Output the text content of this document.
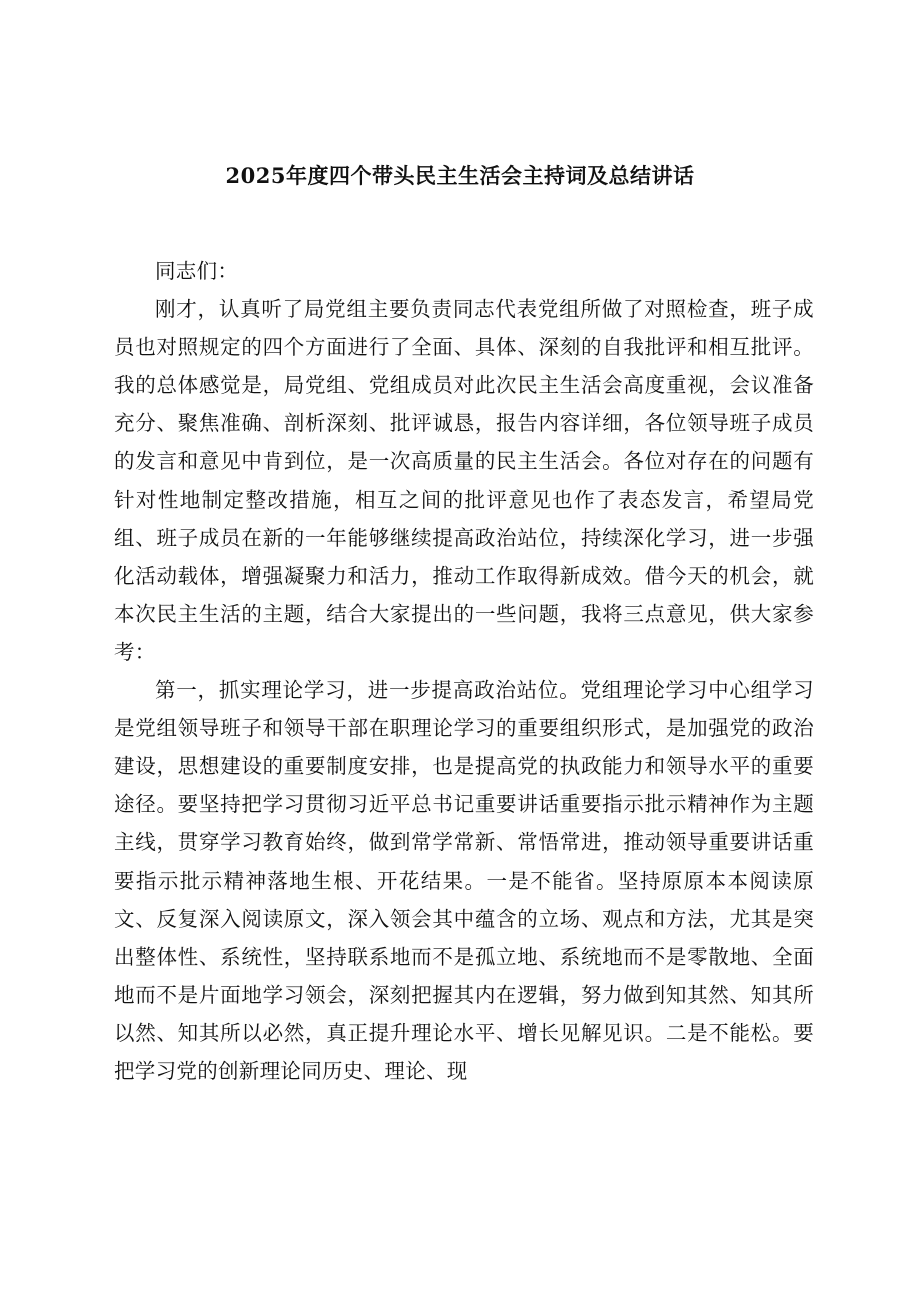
2025年度四个带头民主生活会主持词及总结讲话

同志们：

刚才，认真听了局党组主要负责同志代表党组所做了对照检查，班子成员也对照规定的四个方面进行了全面、具体、深刻的自我批评和相互批评。我的总体感觉是，局党组、党组成员对此次民主生活会高度重视，会议准备充分、聚焦准确、剖析深刻、批评诚恳，报告内容详细，各位领导班子成员的发言和意见中肯到位，是一次高质量的民主生活会。各位对存在的问题有针对性地制定整改措施，相互之间的批评意见也作了表态发言，希望局党组、班子成员在新的一年能够继续提高政治站位，持续深化学习，进一步强化活动载体，增强凝聚力和活力，推动工作取得新成效。借今天的机会，就本次民主生活的主题，结合大家提出的一些问题，我将三点意见，供大家参考：

第一，抓实理论学习，进一步提高政治站位。党组理论学习中心组学习是党组领导班子和领导干部在职理论学习的重要组织形式，是加强党的政治建设，思想建设的重要制度安排，也是提高党的执政能力和领导水平的重要途径。要坚持把学习贯彻习近平总书记重要讲话重要指示批示精神作为主题主线，贯穿学习教育始终，做到常学常新、常悟常进，推动领导重要讲话重要指示批示精神落地生根、开花结果。一是不能省。坚持原原本本阅读原文、反复深入阅读原文，深入领会其中蕴含的立场、观点和方法，尤其是突出整体性、系统性，坚持联系地而不是孤立地、系统地而不是零散地、全面地而不是片面地学习领会，深刻把握其内在逻辑，努力做到知其然、知其所以然、知其所以必然，真正提升理论水平、增长见解见识。二是不能松。要把学习党的创新理论同历史、理论、现
